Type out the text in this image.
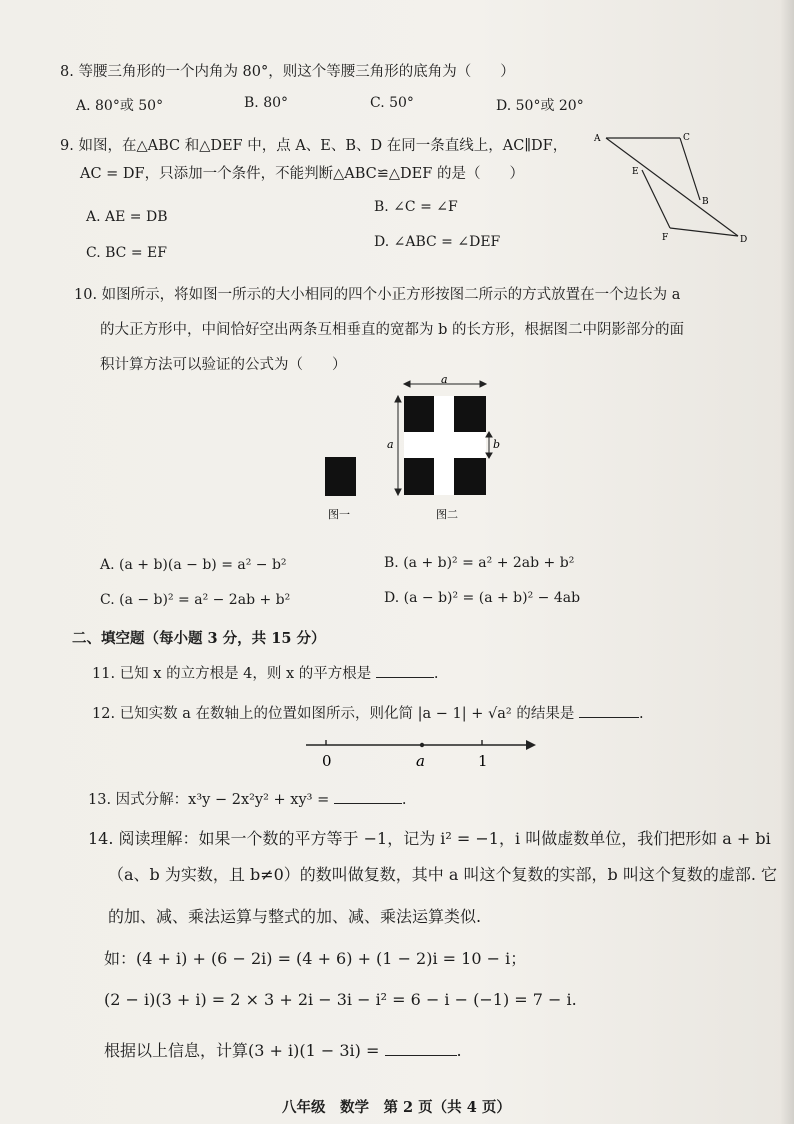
8. 等腰三角形的一个内角为 80°，则这个等腰三角形的底角为（　　）
A. 80°或 50°	B. 80°	C. 50°	D. 50°或 20°
9. 如图，在△ABC 和△DEF 中，点 A、E、B、D 在同一条直线上，AC∥DF，
AC = DF，只添加一个条件，不能判断△ABC≌△DEF 的是（　　）
A. AE = DB
B. ∠C = ∠F
C. BC = EF
D. ∠ABC = ∠DEF
A	C
E
B
F	D
10. 如图所示，将如图一所示的大小相同的四个小正方形按图二所示的方式放置在一个边长为 a
的大正方形中，中间恰好空出两条互相垂直的宽都为 b 的长方形，根据图二中阴影部分的面
积计算方法可以验证的公式为（　　）
图一
a
a	b
图二
A. (a + b)(a − b) = a² − b²	B. (a + b)² = a² + 2ab + b²
C. (a − b)² = a² − 2ab + b²	D. (a − b)² = (a + b)² − 4ab
二、填空题（每小题 3 分，共 15 分）
11. 已知 x 的立方根是 4，则 x 的平方根是	.
12. 已知实数 a 在数轴上的位置如图所示，则化简 |a − 1| + √a² 的结果是	.
0	a	1
13. 因式分解：x³y − 2x²y² + xy³ =	.
14. 阅读理解：如果一个数的平方等于 −1，记为 i² = −1，i 叫做虚数单位，我们把形如 a + bi
（a、b 为实数，且 b≠0）的数叫做复数，其中 a 叫这个复数的实部，b 叫这个复数的虚部. 它
的加、减、乘法运算与整式的加、减、乘法运算类似.
如：(4 + i) + (6 − 2i) = (4 + 6) + (1 − 2)i = 10 − i；
(2 − i)(3 + i) = 2 × 3 + 2i − 3i − i² = 6 − i − (−1) = 7 − i.
根据以上信息，计算(3 + i)(1 − 3i) =	.
八年级　数学　第 2 页（共 4 页）
